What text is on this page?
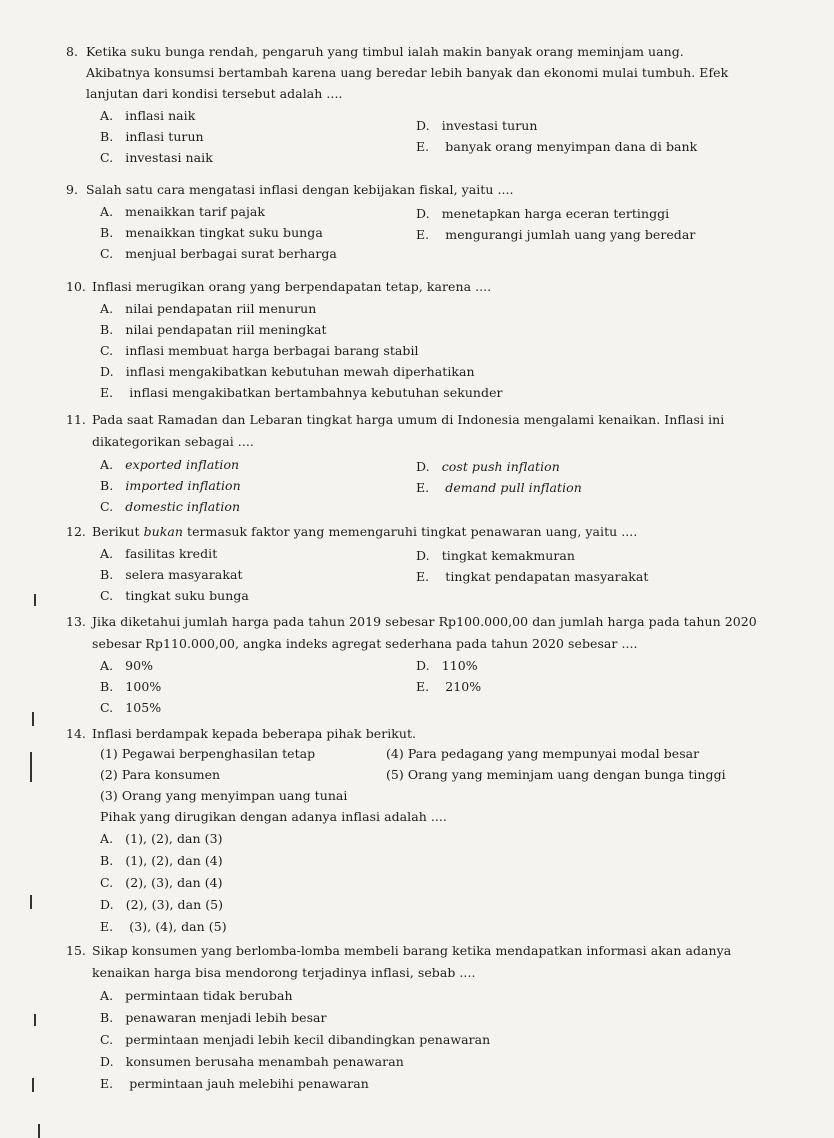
8. Ketika suku bunga rendah, pengaruh yang timbul ialah makin banyak orang meminjam uang.
Akibatnya konsumsi bertambah karena uang beredar lebih banyak dan ekonomi mulai tumbuh. Efek
lanjutan dari kondisi tersebut adalah ....
A.   inflasi naik
B.   inflasi turun
C.   investasi naik
D.   investasi turun
E.    banyak orang menyimpan dana di bank
9. Salah satu cara mengatasi inflasi dengan kebijakan fiskal, yaitu ....
A.   menaikkan tarif pajak
B.   menaikkan tingkat suku bunga
C.   menjual berbagai surat berharga
D.   menetapkan harga eceran tertinggi
E.    mengurangi jumlah uang yang beredar
10. Inflasi merugikan orang yang berpendapatan tetap, karena ....
A.   nilai pendapatan riil menurun
B.   nilai pendapatan riil meningkat
C.   inflasi membuat harga berbagai barang stabil
D.   inflasi mengakibatkan kebutuhan mewah diperhatikan
E.    inflasi mengakibatkan bertambahnya kebutuhan sekunder
11. Pada saat Ramadan dan Lebaran tingkat harga umum di Indonesia mengalami kenaikan. Inflasi ini
dikategorikan sebagai ....
A.   exported inflation
B.   imported inflation
C.   domestic inflation
D.   cost push inflation
E.    demand pull inflation
12. Berikut bukan termasuk faktor yang memengaruhi tingkat penawaran uang, yaitu ....
A.   fasilitas kredit
B.   selera masyarakat
C.   tingkat suku bunga
D.   tingkat kemakmuran
E.    tingkat pendapatan masyarakat
13. Jika diketahui jumlah harga pada tahun 2019 sebesar Rp100.000,00 dan jumlah harga pada tahun 2020
sebesar Rp110.000,00, angka indeks agregat sederhana pada tahun 2020 sebesar ....
A.   90%
B.   100%
C.   105%
D.   110%
E.    210%
14. Inflasi berdampak kepada beberapa pihak berikut.
(1) Pegawai berpenghasilan tetap
(2) Para konsumen
(3) Orang yang menyimpan uang tunai
(4) Para pedagang yang mempunyai modal besar
(5) Orang yang meminjam uang dengan bunga tinggi
Pihak yang dirugikan dengan adanya inflasi adalah ....
A.   (1), (2), dan (3)
B.   (1), (2), dan (4)
C.   (2), (3), dan (4)
D.   (2), (3), dan (5)
E.    (3), (4), dan (5)
15. Sikap konsumen yang berlomba-lomba membeli barang ketika mendapatkan informasi akan adanya
kenaikan harga bisa mendorong terjadinya inflasi, sebab ....
A.   permintaan tidak berubah
B.   penawaran menjadi lebih besar
C.   permintaan menjadi lebih kecil dibandingkan penawaran
D.   konsumen berusaha menambah penawaran
E.    permintaan jauh melebihi penawaran
